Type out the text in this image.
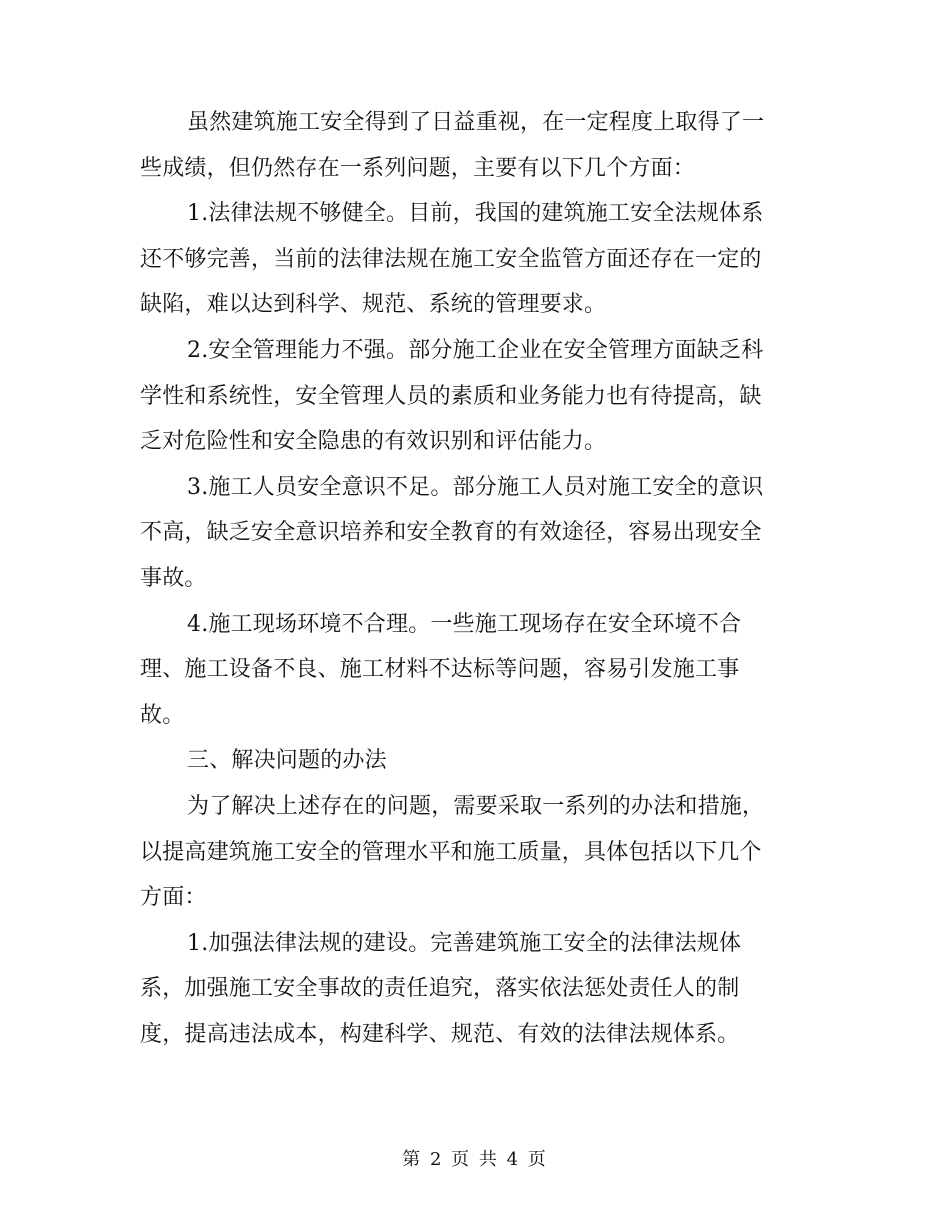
虽然建筑施工安全得到了日益重视，在一定程度上取得了一
些成绩，但仍然存在一系列问题，主要有以下几个方面：

1.法律法规不够健全。目前，我国的建筑施工安全法规体系
还不够完善，当前的法律法规在施工安全监管方面还存在一定的
缺陷，难以达到科学、规范、系统的管理要求。

2.安全管理能力不强。部分施工企业在安全管理方面缺乏科
学性和系统性，安全管理人员的素质和业务能力也有待提高，缺
乏对危险性和安全隐患的有效识别和评估能力。

3.施工人员安全意识不足。部分施工人员对施工安全的意识
不高，缺乏安全意识培养和安全教育的有效途径，容易出现安全
事故。

4.施工现场环境不合理。一些施工现场存在安全环境不合
理、施工设备不良、施工材料不达标等问题，容易引发施工事
故。

三、解决问题的办法

为了解决上述存在的问题，需要采取一系列的办法和措施，
以提高建筑施工安全的管理水平和施工质量，具体包括以下几个
方面：

1.加强法律法规的建设。完善建筑施工安全的法律法规体
系，加强施工安全事故的责任追究，落实依法惩处责任人的制
度，提高违法成本，构建科学、规范、有效的法律法规体系。

第 2 页 共 4 页
